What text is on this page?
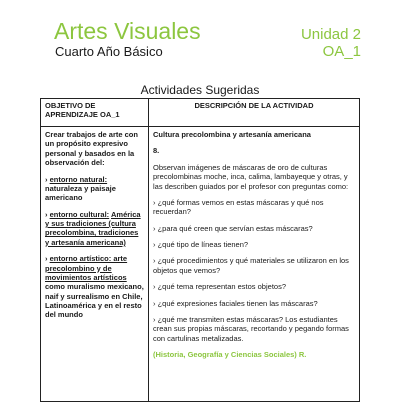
Artes Visuales
Cuarto Año Básico
Unidad 2
OA_1
Actividades Sugeridas
OBJETIVO DE APRENDIZAJE OA_1
DESCRIPCIÓN DE LA ACTIVIDAD

Crear trabajos de arte con un propósito expresivo personal y basados en la observación del:

› entorno natural: naturaleza y paisaje americano

› entorno cultural: América y sus tradiciones (cultura precolombina, tradiciones y artesanía americana)

› entorno artístico: arte precolombino y de movimientos artísticos como muralismo mexicano, naif y surrealismo en Chile, Latinoamérica y en el resto del mundo

Cultura precolombina y artesanía americana

8.

Observan imágenes de máscaras de oro de culturas precolombinas moche, inca, calima, lambayeque y otras, y las describen guiados por el profesor con preguntas como:

› ¿qué formas vemos en estas máscaras y qué nos recuerdan?

› ¿para qué creen que servían estas máscaras?

› ¿qué tipo de líneas tienen?

› ¿qué procedimientos y qué materiales se utilizaron en los objetos que vemos?

› ¿qué tema representan estos objetos?

› ¿qué expresiones faciales tienen las máscaras?

› ¿qué me transmiten estas máscaras? Los estudiantes crean sus propias máscaras, recortando y pegando formas con cartulinas metalizadas.

(Historia, Geografía y Ciencias Sociales) R.
